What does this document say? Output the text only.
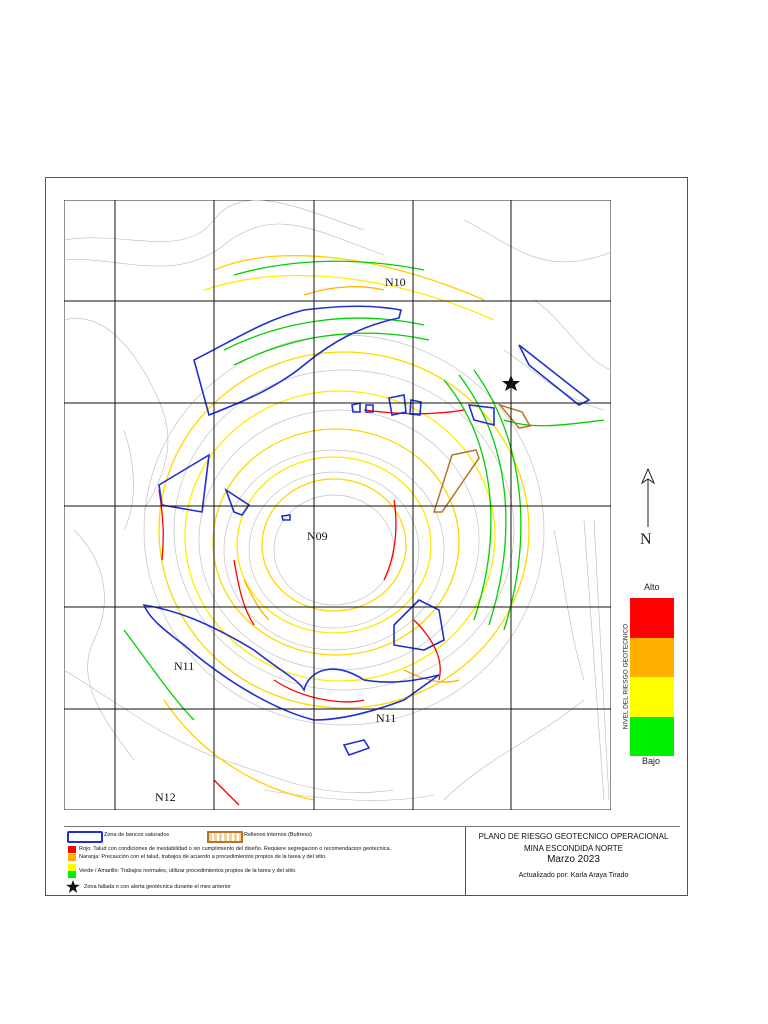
N10
N09
N11
N11
N12
N
Alto
NIVEL DEL RIESGO GEOTECNICO
Bajo
Zona de bancos saturados	Rellenos internos (Buttress)
Rojo: Talud con condiciones de inestabilidad o sin cumplimiento del diseño. Requiere segregacion o recomendacion geotecnica.
Naranja: Precaución con el talud, trabajos de acuerdo a procedimientos propios de la tarea y del sitio.
Verde / Amarillo: Trabajos normales, utilizar procedimientos propios de la tarea y del sitio.
Zona fallada o con alerta geotécnica durante el mes anterior
PLANO DE RIESGO GEOTECNICO OPERACIONAL
MINA ESCONDIDA NORTE
Marzo 2023
Actualizado por: Karla Araya Tirado
